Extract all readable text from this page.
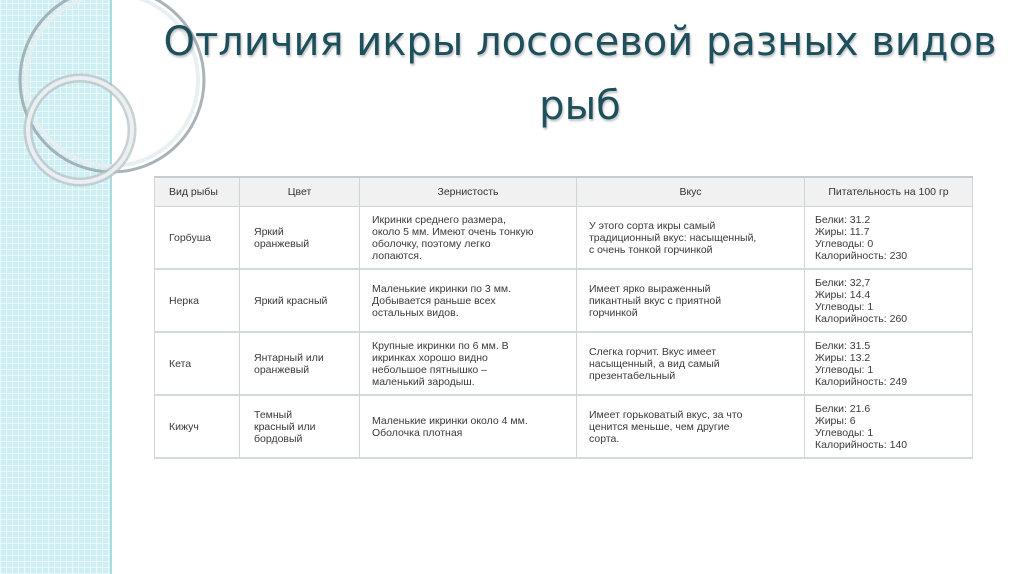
Отличия икры лососевой разных видов рыб
Вид рыбы	Цвет	Зернистость	Вкус	Питательность на 100 гр
Горбуша	Яркий
оранжевый	Икринки среднего размера,
около 5 мм. Имеют очень тонкую
оболочку, поэтому легко
лопаются.	У этого сорта икры самый
традиционный вкус: насыщенный,
с очень тонкой горчинкой	Белки: 31.2
Жиры: 11.7
Углеводы: 0
Калорийность: 230

Нерка	Яркий красный	Маленькие икринки по 3 мм.
Добывается раньше всех
остальных видов.	Имеет ярко выраженный
пикантный вкус с приятной
горчинкой	Белки: 32,7
Жиры: 14.4
Углеводы: 1
Калорийность: 260

Кета	Янтарный или
оранжевый	Крупные икринки по 6 мм. В
икринках хорошо видно
небольшое пятнышко –
маленький зародыш.	Слегка горчит. Вкус имеет
насыщенный, а вид самый
презентабельный	Белки: 31.5
Жиры: 13.2
Углеводы: 1
Калорийность: 249

Кижуч	Темный
красный или
бордовый	Маленькие икринки около 4 мм.
Оболочка плотная	Имеет горьковатый вкус, за что
ценится меньше, чем другие
сорта.	Белки: 21.6
Жиры: 6
Углеводы: 1
Калорийность: 140
